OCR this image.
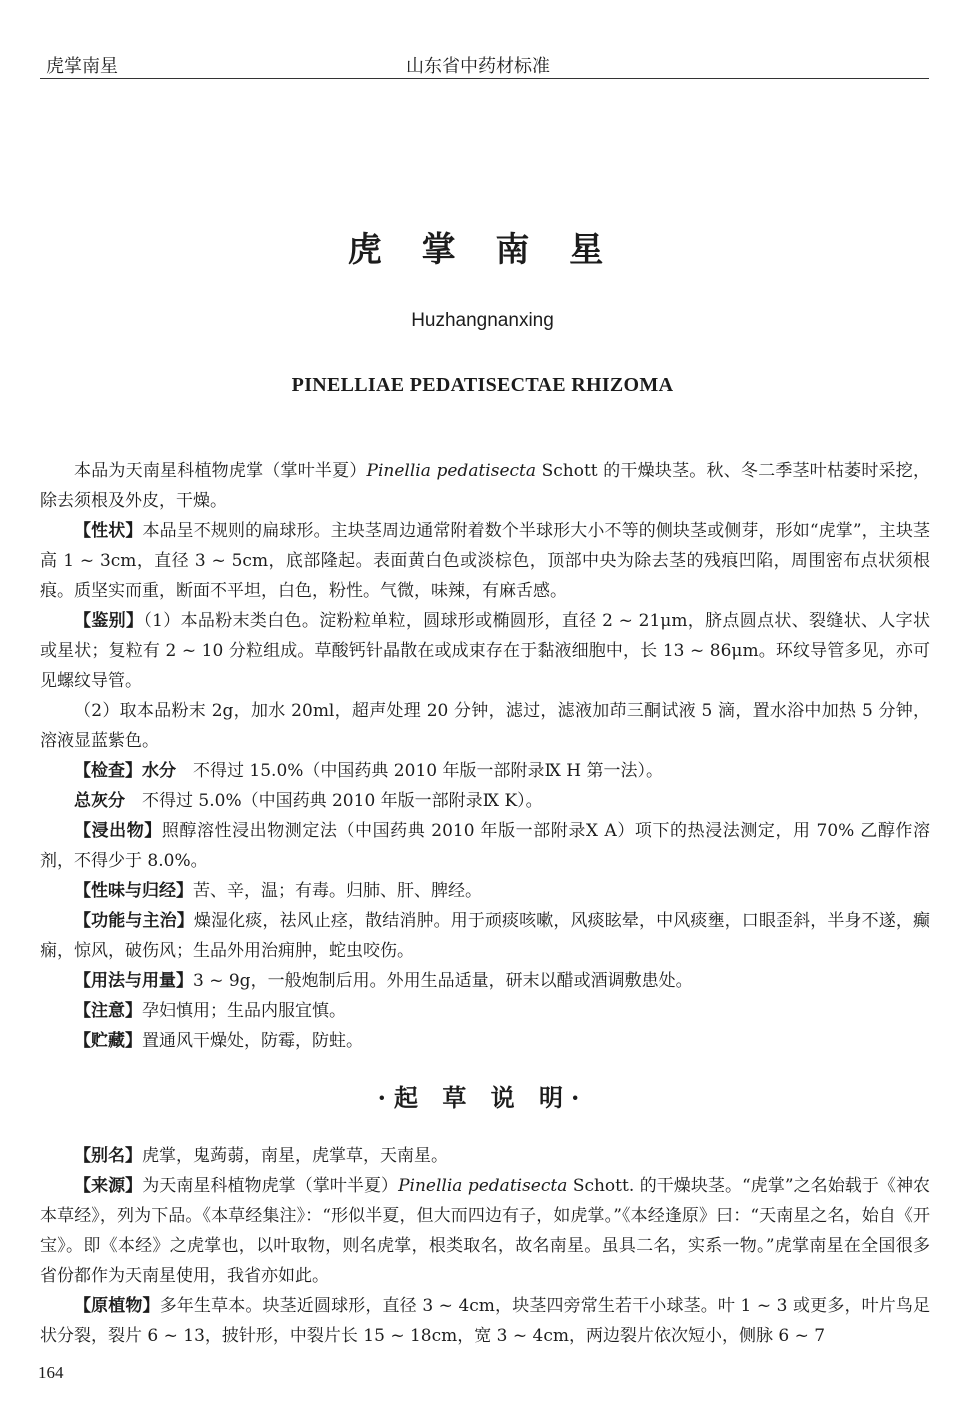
虎掌南星	山东省中药材标准
虎 掌 南 星
Huzhangnanxing
PINELLIAE PEDATISECTAE RHIZOMA

本品为天南星科植物虎掌（掌叶半夏）Pinellia pedatisecta Schott 的干燥块茎。秋、冬二季茎叶枯萎时采挖，除去须根及外皮，干燥。

【性状】本品呈不规则的扁球形。主块茎周边通常附着数个半球形大小不等的侧块茎或侧芽，形如“虎掌”，主块茎高 1 ~ 3cm，直径 3 ~ 5cm，底部隆起。表面黄白色或淡棕色，顶部中央为除去茎的残痕凹陷，周围密布点状须根痕。质坚实而重，断面不平坦，白色，粉性。气微，味辣，有麻舌感。

【鉴别】（1）本品粉末类白色。淀粉粒单粒，圆球形或椭圆形，直径 2 ~ 21μm，脐点圆点状、裂缝状、人字状或星状；复粒有 2 ~ 10 分粒组成。草酸钙针晶散在或成束存在于黏液细胞中，长 13 ~ 86μm。环纹导管多见，亦可见螺纹导管。

（2）取本品粉末 2g，加水 20ml，超声处理 20 分钟，滤过，滤液加茚三酮试液 5 滴，置水浴中加热 5 分钟，溶液显蓝紫色。

【检查】水分　不得过 15.0%（中国药典 2010 年版一部附录Ⅸ H 第一法）。

总灰分　不得过 5.0%（中国药典 2010 年版一部附录Ⅸ K）。

【浸出物】照醇溶性浸出物测定法（中国药典 2010 年版一部附录Ⅹ A）项下的热浸法测定，用 70% 乙醇作溶剂，不得少于 8.0%。

【性味与归经】苦、辛，温；有毒。归肺、肝、脾经。

【功能与主治】燥湿化痰，祛风止痉，散结消肿。用于顽痰咳嗽，风痰眩晕，中风痰壅，口眼歪斜，半身不遂，癫痫，惊风，破伤风；生品外用治痈肿，蛇虫咬伤。

【用法与用量】3 ~ 9g，一般炮制后用。外用生品适量，研末以醋或酒调敷患处。

【注意】孕妇慎用；生品内服宜慎。

【贮藏】置通风干燥处，防霉，防蛀。

·起 草 说 明·

【别名】虎掌，鬼蒟蒻，南星，虎掌草，天南星。

【来源】为天南星科植物虎掌（掌叶半夏）Pinellia pedatisecta Schott. 的干燥块茎。“虎掌”之名始载于《神农本草经》，列为下品。《本草经集注》：“形似半夏，但大而四边有子，如虎掌。”《本经逢原》曰：“天南星之名，始自《开宝》。即《本经》之虎掌也，以叶取物，则名虎掌，根类取名，故名南星。虽具二名，实系一物。”虎掌南星在全国很多省份都作为天南星使用，我省亦如此。

【原植物】多年生草本。块茎近圆球形，直径 3 ~ 4cm，块茎四旁常生若干小球茎。叶 1 ~ 3 或更多，叶片鸟足状分裂，裂片 6 ~ 13，披针形，中裂片长 15 ~ 18cm，宽 3 ~ 4cm，两边裂片依次短小，侧脉 6 ~ 7

164
